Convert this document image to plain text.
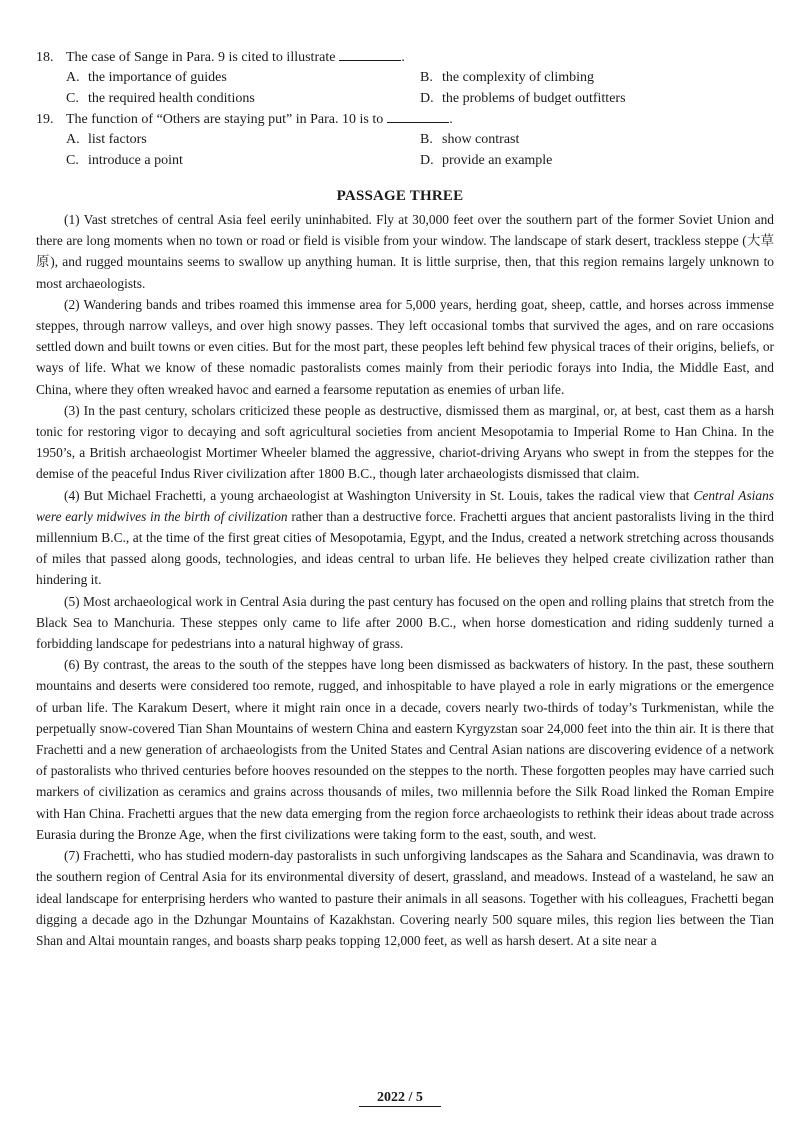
18. The case of Sange in Para. 9 is cited to illustrate	.
A. the importance of guides	B. the complexity of climbing
C. the required health conditions	D. the problems of budget outfitters
19. The function of “Others are staying put” in Para. 10 is to	.
A. list factors	B. show contrast
C. introduce a point	D. provide an example
PASSAGE THREE

(1) Vast stretches of central Asia feel eerily uninhabited. Fly at 30,000 feet over the southern part of the former Soviet Union and there are long moments when no town or road or field is visible from your window. The landscape of stark desert, trackless steppe (大草原), and rugged mountains seems to swallow up anything human. It is little surprise, then, that this region remains largely unknown to most archaeologists.

(2) Wandering bands and tribes roamed this immense area for 5,000 years, herding goat, sheep, cattle, and horses across immense steppes, through narrow valleys, and over high snowy passes. They left occasional tombs that survived the ages, and on rare occasions settled down and built towns or even cities. But for the most part, these peoples left behind few physical traces of their origins, beliefs, or ways of life. What we know of these nomadic pastoralists comes mainly from their periodic forays into India, the Middle East, and China, where they often wreaked havoc and earned a fearsome reputation as enemies of urban life.

(3) In the past century, scholars criticized these people as destructive, dismissed them as marginal, or, at best, cast them as a harsh tonic for restoring vigor to decaying and soft agricultural societies from ancient Mesopotamia to Imperial Rome to Han China. In the 1950’s, a British archaeologist Mortimer Wheeler blamed the aggressive, chariot-driving Aryans who swept in from the steppes for the demise of the peaceful Indus River civilization after 1800 B.C., though later archaeologists dismissed that claim.

(4) But Michael Frachetti, a young archaeologist at Washington University in St. Louis, takes the radical view that Central Asians were early midwives in the birth of civilization rather than a destructive force. Frachetti argues that ancient pastoralists living in the third millennium B.C., at the time of the first great cities of Mesopotamia, Egypt, and the Indus, created a network stretching across thousands of miles that passed along goods, technologies, and ideas central to urban life. He believes they helped create civilization rather than hindering it.

(5) Most archaeological work in Central Asia during the past century has focused on the open and rolling plains that stretch from the Black Sea to Manchuria. These steppes only came to life after 2000 B.C., when horse domestication and riding suddenly turned a forbidding landscape for pedestrians into a natural highway of grass.

(6) By contrast, the areas to the south of the steppes have long been dismissed as backwaters of history. In the past, these southern mountains and deserts were considered too remote, rugged, and inhospitable to have played a role in early migrations or the emergence of urban life. The Karakum Desert, where it might rain once in a decade, covers nearly two-thirds of today’s Turkmenistan, while the perpetually snow-covered Tian Shan Mountains of western China and eastern Kyrgyzstan soar 24,000 feet into the thin air. It is there that Frachetti and a new generation of archaeologists from the United States and Central Asian nations are discovering evidence of a network of pastoralists who thrived centuries before hooves resounded on the steppes to the north. These forgotten peoples may have carried such markers of civilization as ceramics and grains across thousands of miles, two millennia before the Silk Road linked the Roman Empire with Han China. Frachetti argues that the new data emerging from the region force archaeologists to rethink their ideas about trade across Eurasia during the Bronze Age, when the first civilizations were taking form to the east, south, and west.

(7) Frachetti, who has studied modern-day pastoralists in such unforgiving landscapes as the Sahara and Scandinavia, was drawn to the southern region of Central Asia for its environmental diversity of desert, grassland, and meadows. Instead of a wasteland, he saw an ideal landscape for enterprising herders who wanted to pasture their animals in all seasons. Together with his colleagues, Frachetti began digging a decade ago in the Dzhungar Mountains of Kazakhstan. Covering nearly 500 square miles, this region lies between the Tian Shan and Altai mountain ranges, and boasts sharp peaks topping 12,000 feet, as well as harsh desert. At a site near a

2022 / 5
